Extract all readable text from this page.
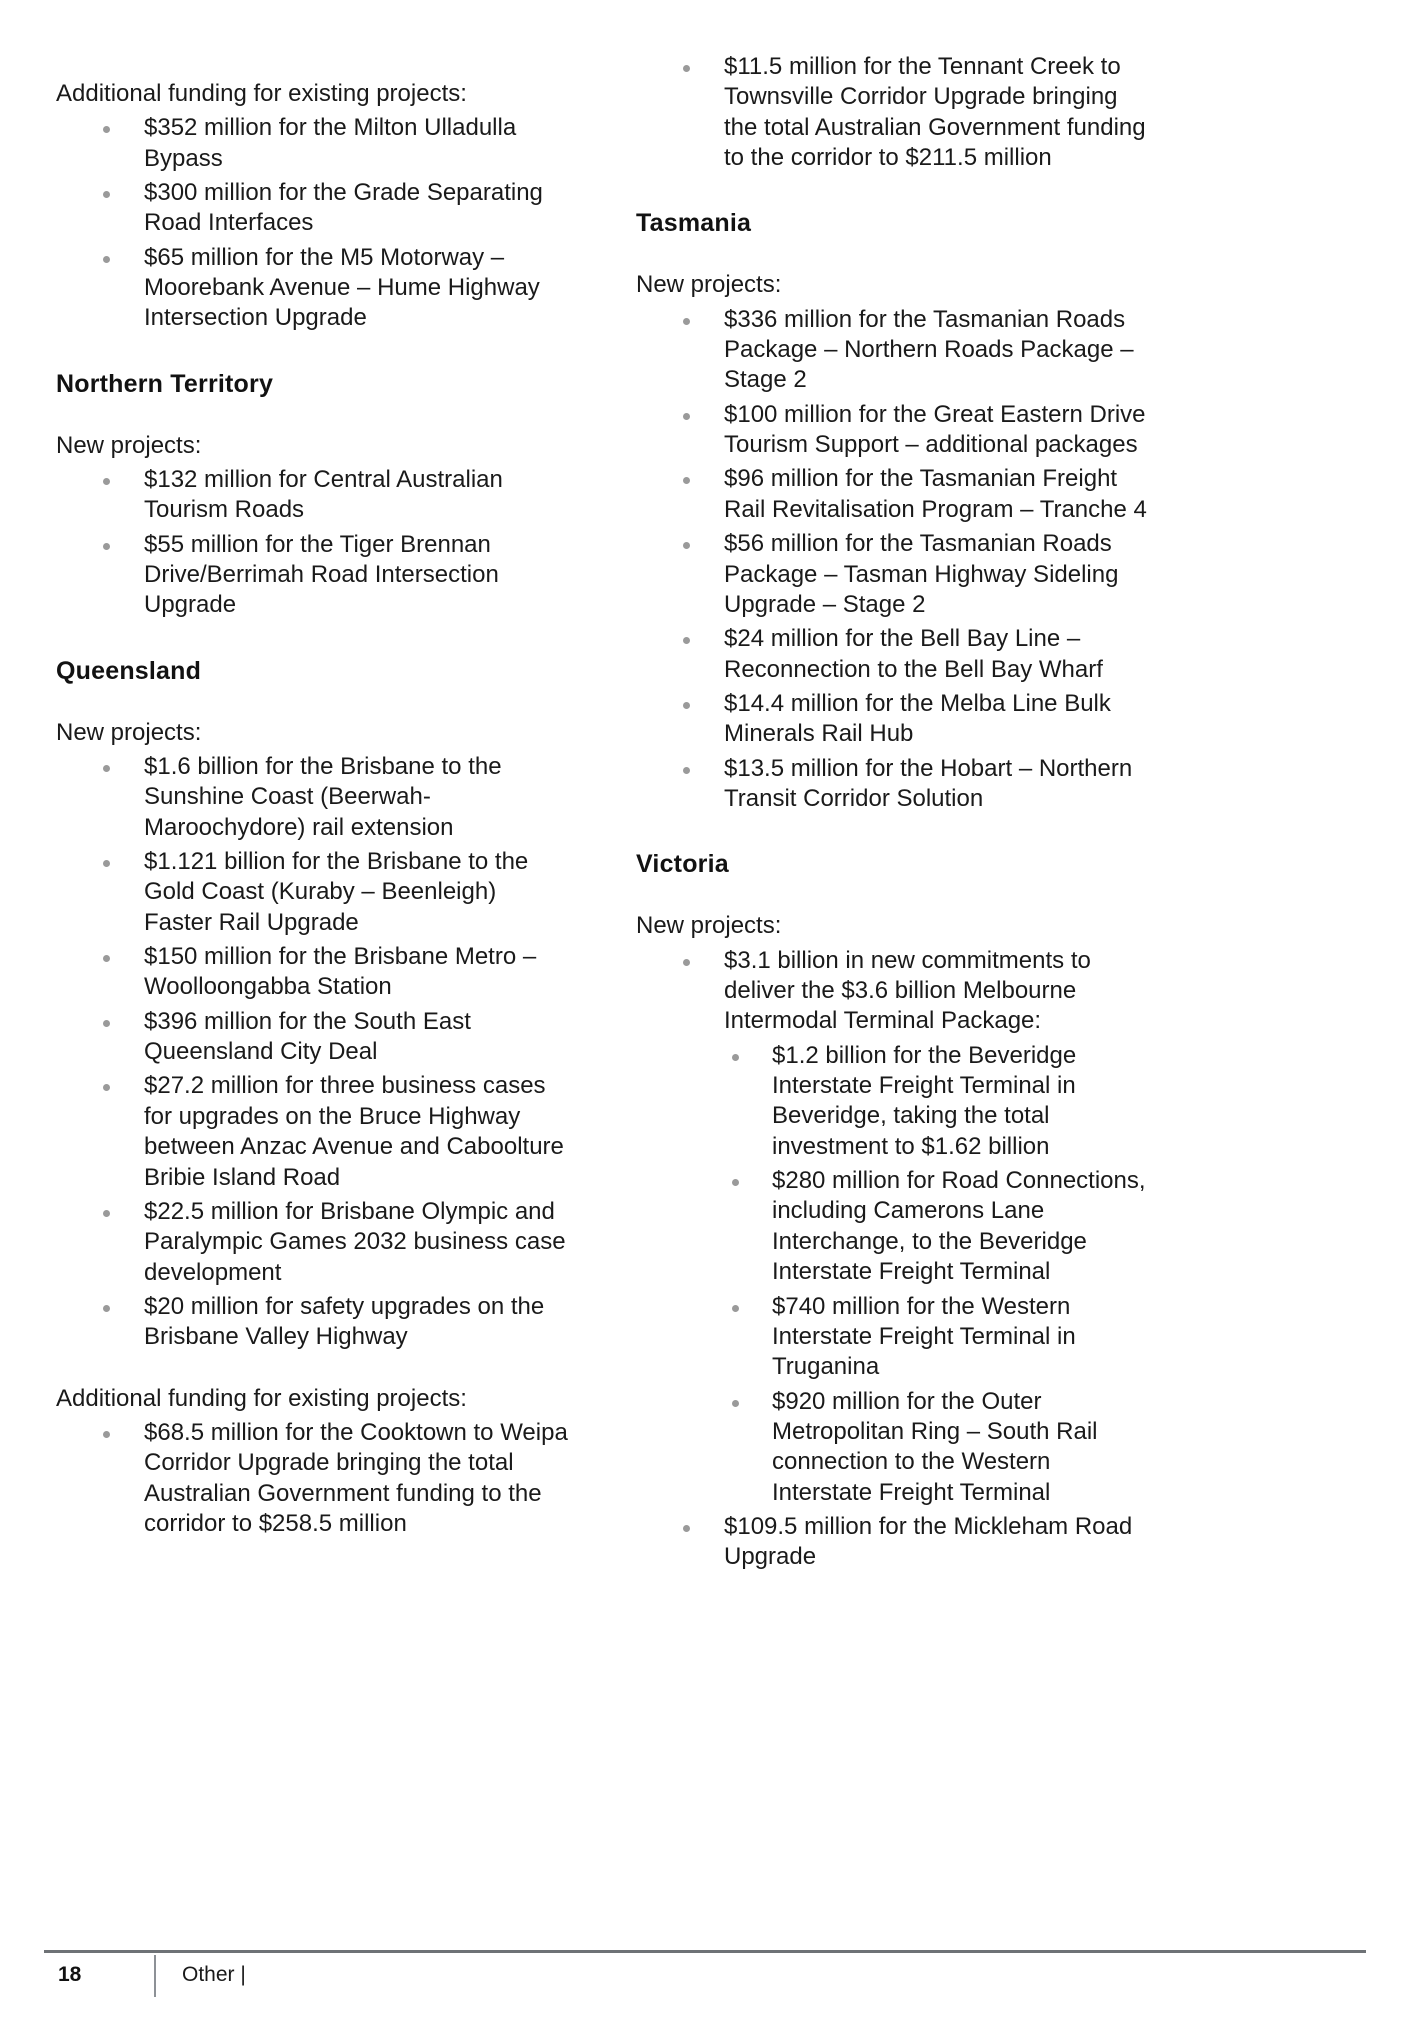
Additional funding for existing projects:

$352 million for the Milton Ulladulla Bypass
$300 million for the Grade Separating Road Interfaces
$65 million for the M5 Motorway – Moorebank Avenue – Hume Highway Intersection Upgrade
Northern Territory

New projects:

$132 million for Central Australian Tourism Roads
$55 million for the Tiger Brennan Drive/Berrimah Road Intersection Upgrade
Queensland

New projects:

$1.6 billion for the Brisbane to the Sunshine Coast (Beerwah-Maroochydore) rail extension
$1.121 billion for the Brisbane to the Gold Coast (Kuraby – Beenleigh) Faster Rail Upgrade
$150 million for the Brisbane Metro – Woolloongabba Station
$396 million for the South East Queensland City Deal
$27.2 million for three business cases for upgrades on the Bruce Highway between Anzac Avenue and Caboolture Bribie Island Road
$22.5 million for Brisbane Olympic and Paralympic Games 2032 business case development
$20 million for safety upgrades on the Brisbane Valley Highway

Additional funding for existing projects:

$68.5 million for the Cooktown to Weipa Corridor Upgrade bringing the total Australian Government funding to the corridor to $258.5 million
$11.5 million for the Tennant Creek to Townsville Corridor Upgrade bringing the total Australian Government funding to the corridor to $211.5 million
Tasmania

New projects:

$336 million for the Tasmanian Roads Package – Northern Roads Package – Stage 2
$100 million for the Great Eastern Drive Tourism Support – additional packages
$96 million for the Tasmanian Freight Rail Revitalisation Program – Tranche 4
$56 million for the Tasmanian Roads Package – Tasman Highway Sideling Upgrade – Stage 2
$24 million for the Bell Bay Line – Reconnection to the Bell Bay Wharf
$14.4 million for the Melba Line Bulk Minerals Rail Hub
$13.5 million for the Hobart – Northern Transit Corridor Solution
Victoria

New projects:

$3.1 billion in new commitments to deliver the $3.6 billion Melbourne Intermodal Terminal Package:
$1.2 billion for the Beveridge Interstate Freight Terminal in Beveridge, taking the total investment to $1.62 billion
$280 million for Road Connections, including Camerons Lane Interchange, to the Beveridge Interstate Freight Terminal
$740 million for the Western Interstate Freight Terminal in Truganina
$920 million for the Outer Metropolitan Ring – South Rail connection to the Western Interstate Freight Terminal
$109.5 million for the Mickleham Road Upgrade
18	Other |
